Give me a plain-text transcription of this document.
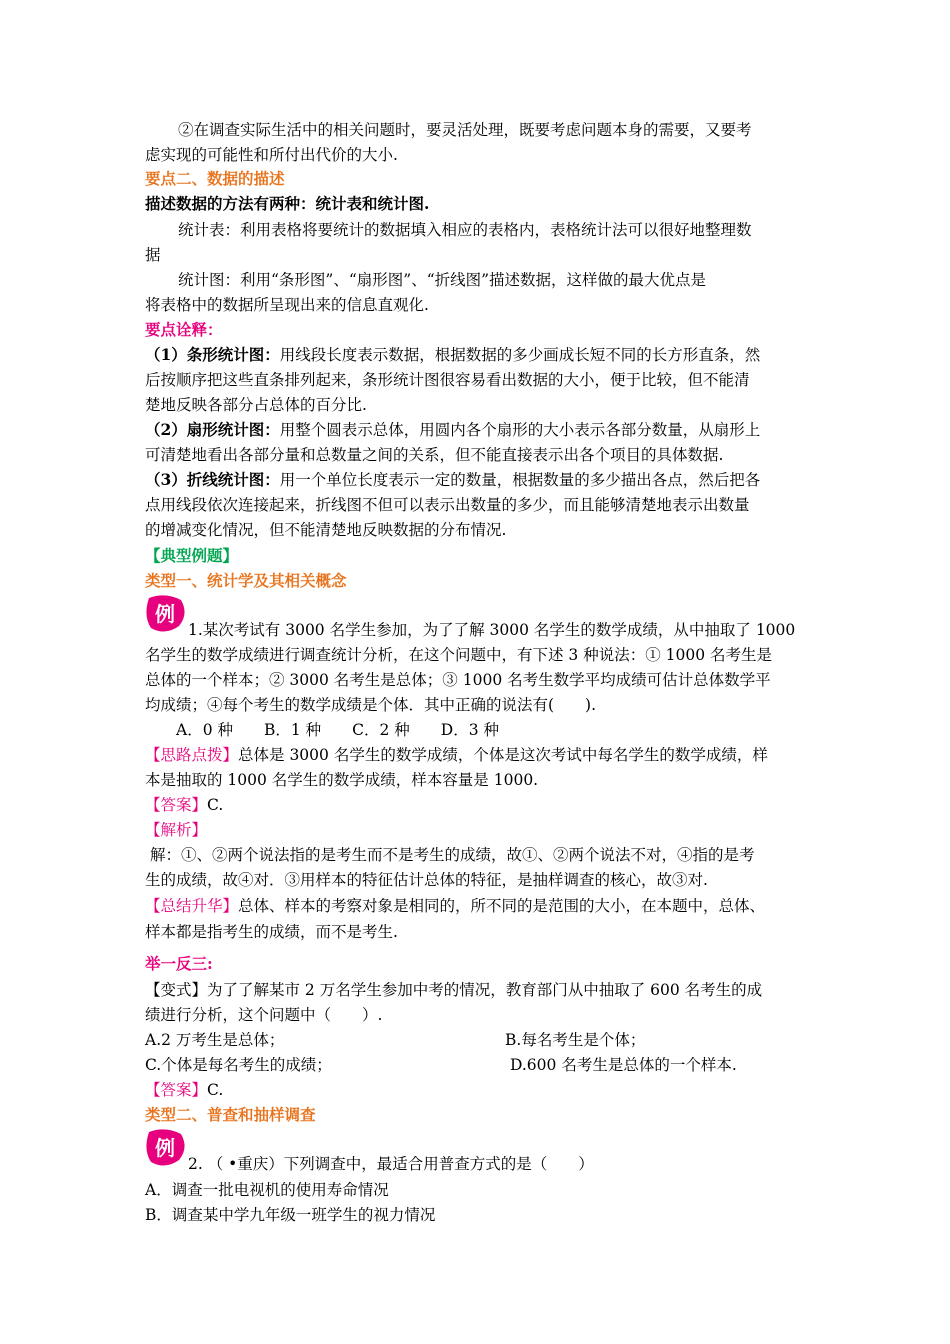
②在调查实际生活中的相关问题时，要灵活处理，既要考虑问题本身的需要，又要考
虑实现的可能性和所付出代价的大小.
要点二、数据的描述
描述数据的方法有两种：统计表和统计图.
统计表：利用表格将要统计的数据填入相应的表格内，表格统计法可以很好地整理数
据
统计图：利用“条形图”、“扇形图”、“折线图”描述数据，这样做的最大优点是
将表格中的数据所呈现出来的信息直观化.
要点诠释：
（1）条形统计图：用线段长度表示数据，根据数据的多少画成长短不同的长方形直条，然
后按顺序把这些直条排列起来，条形统计图很容易看出数据的大小，便于比较，但不能清
楚地反映各部分占总体的百分比.
（2）扇形统计图：用整个圆表示总体，用圆内各个扇形的大小表示各部分数量，从扇形上
可清楚地看出各部分量和总数量之间的关系，但不能直接表示出各个项目的具体数据.
（3）折线统计图：用一个单位长度表示一定的数量，根据数量的多少描出各点，然后把各
点用线段依次连接起来，折线图不但可以表示出数量的多少，而且能够清楚地表示出数量
的增减变化情况，但不能清楚地反映数据的分布情况.
【典型例题】
类型一、统计学及其相关概念
例
1.某次考试有 3000 名学生参加，为了了解 3000 名学生的数学成绩，从中抽取了 1000
名学生的数学成绩进行调查统计分析，在这个问题中，有下述 3 种说法：① 1000 名考生是
总体的一个样本；② 3000 名考生是总体；③ 1000 名考生数学平均成绩可估计总体数学平
均成绩；④每个考生的数学成绩是个体．其中正确的说法有(　　).
A．0 种　　B．1 种　　C．2 种　　D．3 种
【思路点拨】总体是 3000 名学生的数学成绩，个体是这次考试中每名学生的数学成绩，样
本是抽取的 1000 名学生的数学成绩，样本容量是 1000.
【答案】C.
【解析】
解：①、②两个说法指的是考生而不是考生的成绩，故①、②两个说法不对，④指的是考
生的成绩，故④对．③用样本的特征估计总体的特征，是抽样调查的核心，故③对.
【总结升华】总体、样本的考察对象是相同的，所不同的是范围的大小，在本题中，总体、
样本都是指考生的成绩，而不是考生.
举一反三:
【变式】为了了解某市 2 万名学生参加中考的情况，教育部门从中抽取了 600 名考生的成
绩进行分析，这个问题中（　　）.
A.2 万考生是总体；	B.每名考生是个体；
C.个体是每名考生的成绩；	D.600 名考生是总体的一个样本.
【答案】C.
类型二、普查和抽样调查
例
2. （ •重庆）下列调查中，最适合用普查方式的是（　　）
A．调查一批电视机的使用寿命情况
B．调查某中学九年级一班学生的视力情况
